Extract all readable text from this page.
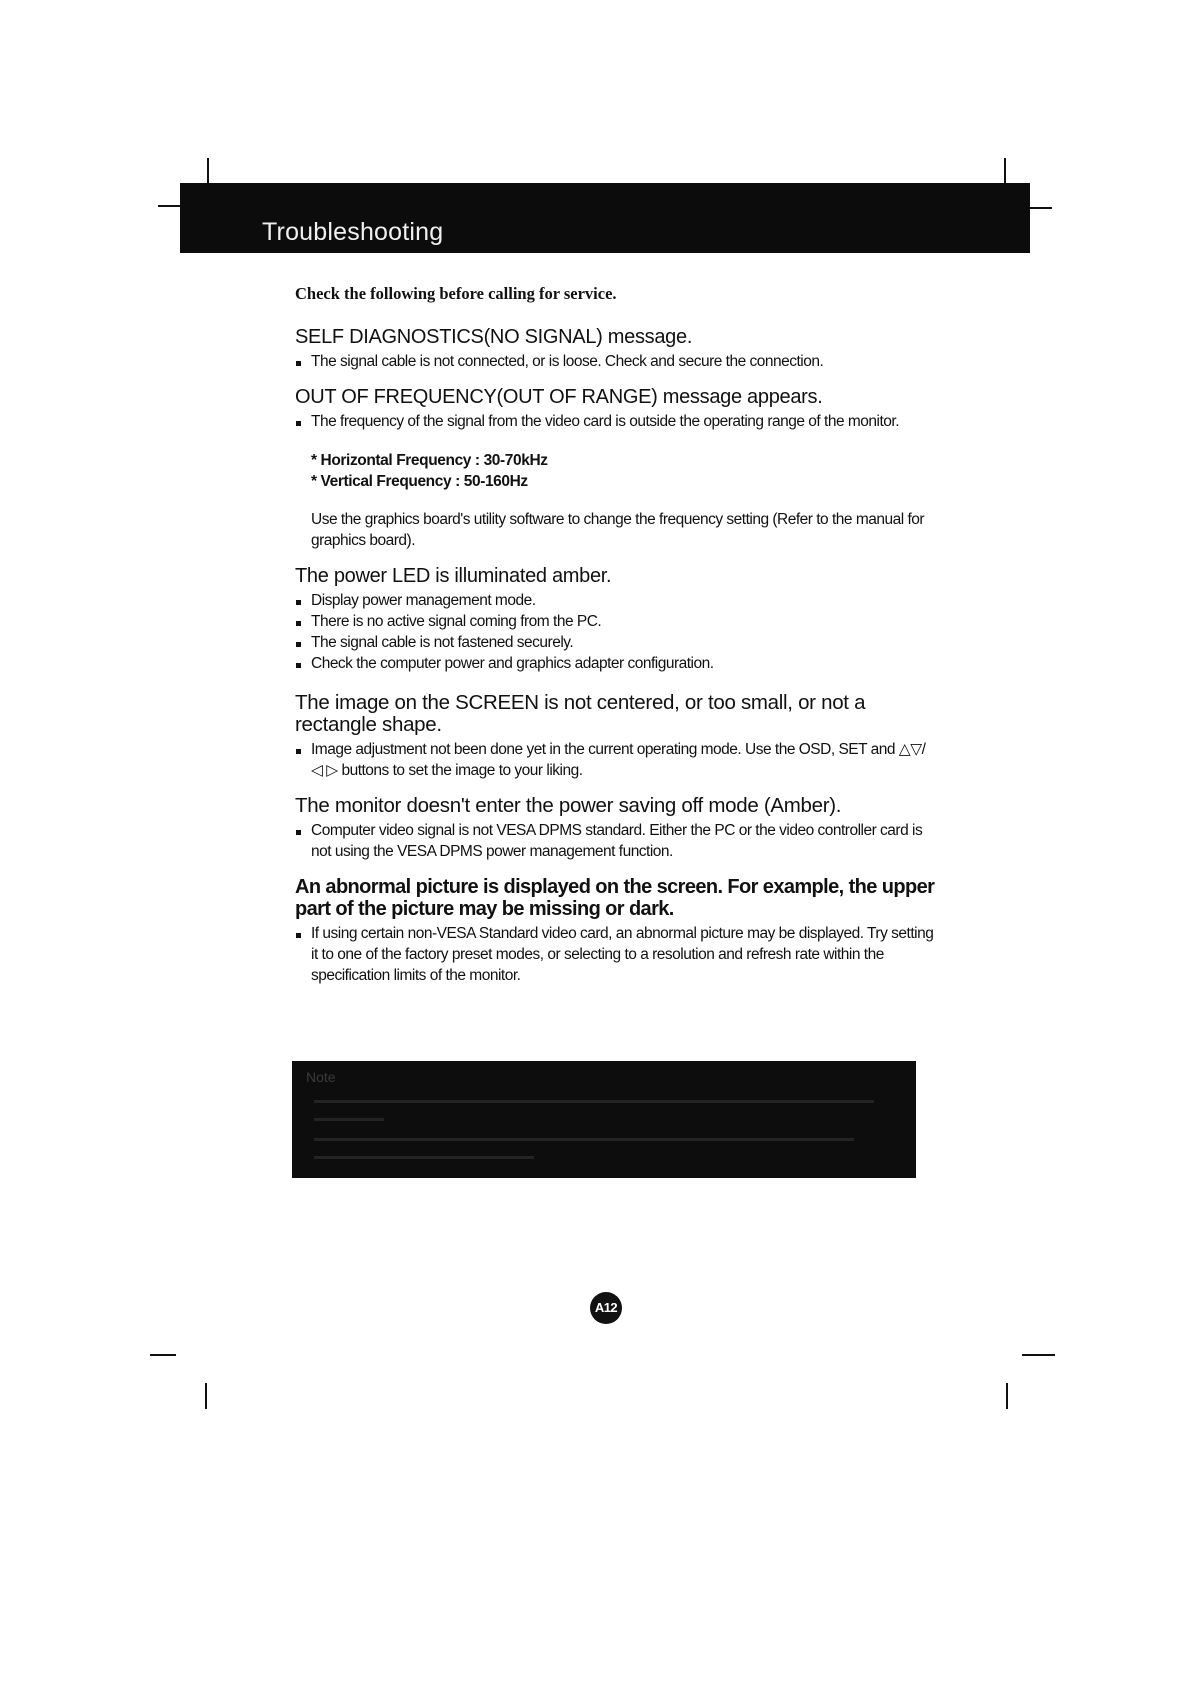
Troubleshooting
Check the following before calling for service.
SELF DIAGNOSTICS(NO SIGNAL) message.
The signal cable is not connected, or is loose. Check and secure the connection.
OUT OF FREQUENCY(OUT OF RANGE) message appears.
The frequency of the signal from the video card is outside the operating range of the monitor.
* Horizontal Frequency : 30-70kHz
* Vertical Frequency : 50-160Hz
Use the graphics board's utility software to change the frequency setting (Refer to the manual for graphics board).
The power LED is illuminated amber.
Display power management mode.
There is no active signal coming from the PC.
The signal cable is not fastened securely.
Check the computer power and graphics adapter configuration.
The image on the SCREEN is not centered, or too small, or not a rectangle shape.
Image adjustment not been done yet in the current operating mode. Use the OSD, SET and △▽/◁ ▷ buttons to set the image to your liking.
The monitor doesn't enter the power saving off mode (Amber).
Computer video signal is not VESA DPMS standard. Either the PC or the video controller card is not using the VESA DPMS power management function.
An abnormal picture is displayed on the screen. For example, the upper part of the picture may be missing or dark.
If using certain non-VESA Standard video card, an abnormal picture may be displayed. Try setting it to one of the factory preset modes, or selecting to a resolution and refresh rate within the specification limits of the monitor.
Note
A12
